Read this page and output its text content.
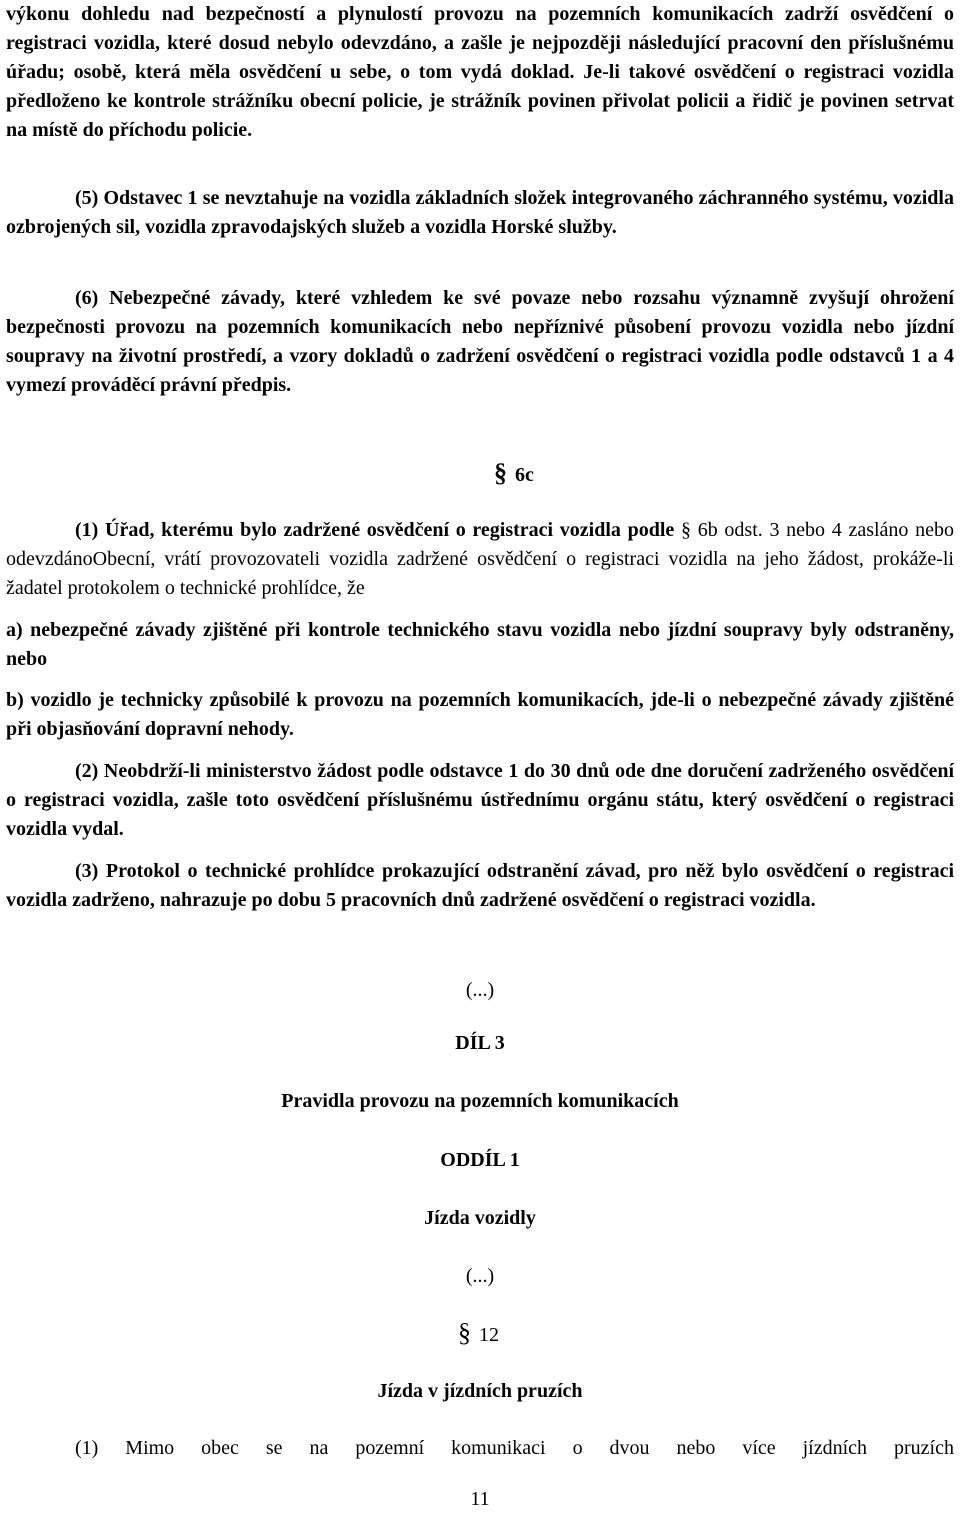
výkonu dohledu nad bezpečností a plynulostí provozu na pozemních komunikacích zadrží osvědčení o registraci vozidla, které dosud nebylo odevzdáno, a zašle je nejpozději následující pracovní den příslušnému úřadu; osobě, která měla osvědčení u sebe, o tom vydá doklad. Je-li takové osvědčení o registraci vozidla předloženo ke kontrole strážníku obecní policie, je strážník povinen přivolat policii a řidič je povinen setrvat na místě do příchodu policie.

(5) Odstavec 1 se nevztahuje na vozidla základních složek integrovaného záchranného systému, vozidla ozbrojených sil, vozidla zpravodajských služeb a vozidla Horské služby.

(6) Nebezpečné závady, které vzhledem ke své povaze nebo rozsahu významně zvyšují ohrožení bezpečnosti provozu na pozemních komunikacích nebo nepříznivé působení provozu vozidla nebo jízdní soupravy na životní prostředí, a vzory dokladů o zadržení osvědčení o registraci vozidla podle odstavců 1 a 4 vymezí prováděcí právní předpis.

§ 6c

(1) Úřad, kterému bylo zadržené osvědčení o registraci vozidla podle § 6b odst. 3 nebo 4 zasláno nebo odevzdánoObecní, vrátí provozovateli vozidla zadržené osvědčení o registraci vozidla na jeho žádost, prokáže-li žadatel protokolem o technické prohlídce, že

a) nebezpečné závady zjištěné při kontrole technického stavu vozidla nebo jízdní soupravy byly odstraněny, nebo

b) vozidlo je technicky způsobilé k provozu na pozemních komunikacích, jde-li o nebezpečné závady zjištěné při objasňování dopravní nehody.

(2) Neobdrží-li ministerstvo žádost podle odstavce 1 do 30 dnů ode dne doručení zadrženého osvědčení o registraci vozidla, zašle toto osvědčení příslušnému ústřednímu orgánu státu, který osvědčení o registraci vozidla vydal.

(3) Protokol o technické prohlídce prokazující odstranění závad, pro něž bylo osvědčení o registraci vozidla zadrženo, nahrazuje po dobu 5 pracovních dnů zadržené osvědčení o registraci vozidla.

(...)

DÍL 3

Pravidla provozu na pozemních komunikacích

ODDÍL 1

Jízda vozidly

(...)

§ 12

Jízda v jízdních pruzích

(1) Mimo obec se na pozemní komunikaci o dvou nebo více jízdních pruzích

11
